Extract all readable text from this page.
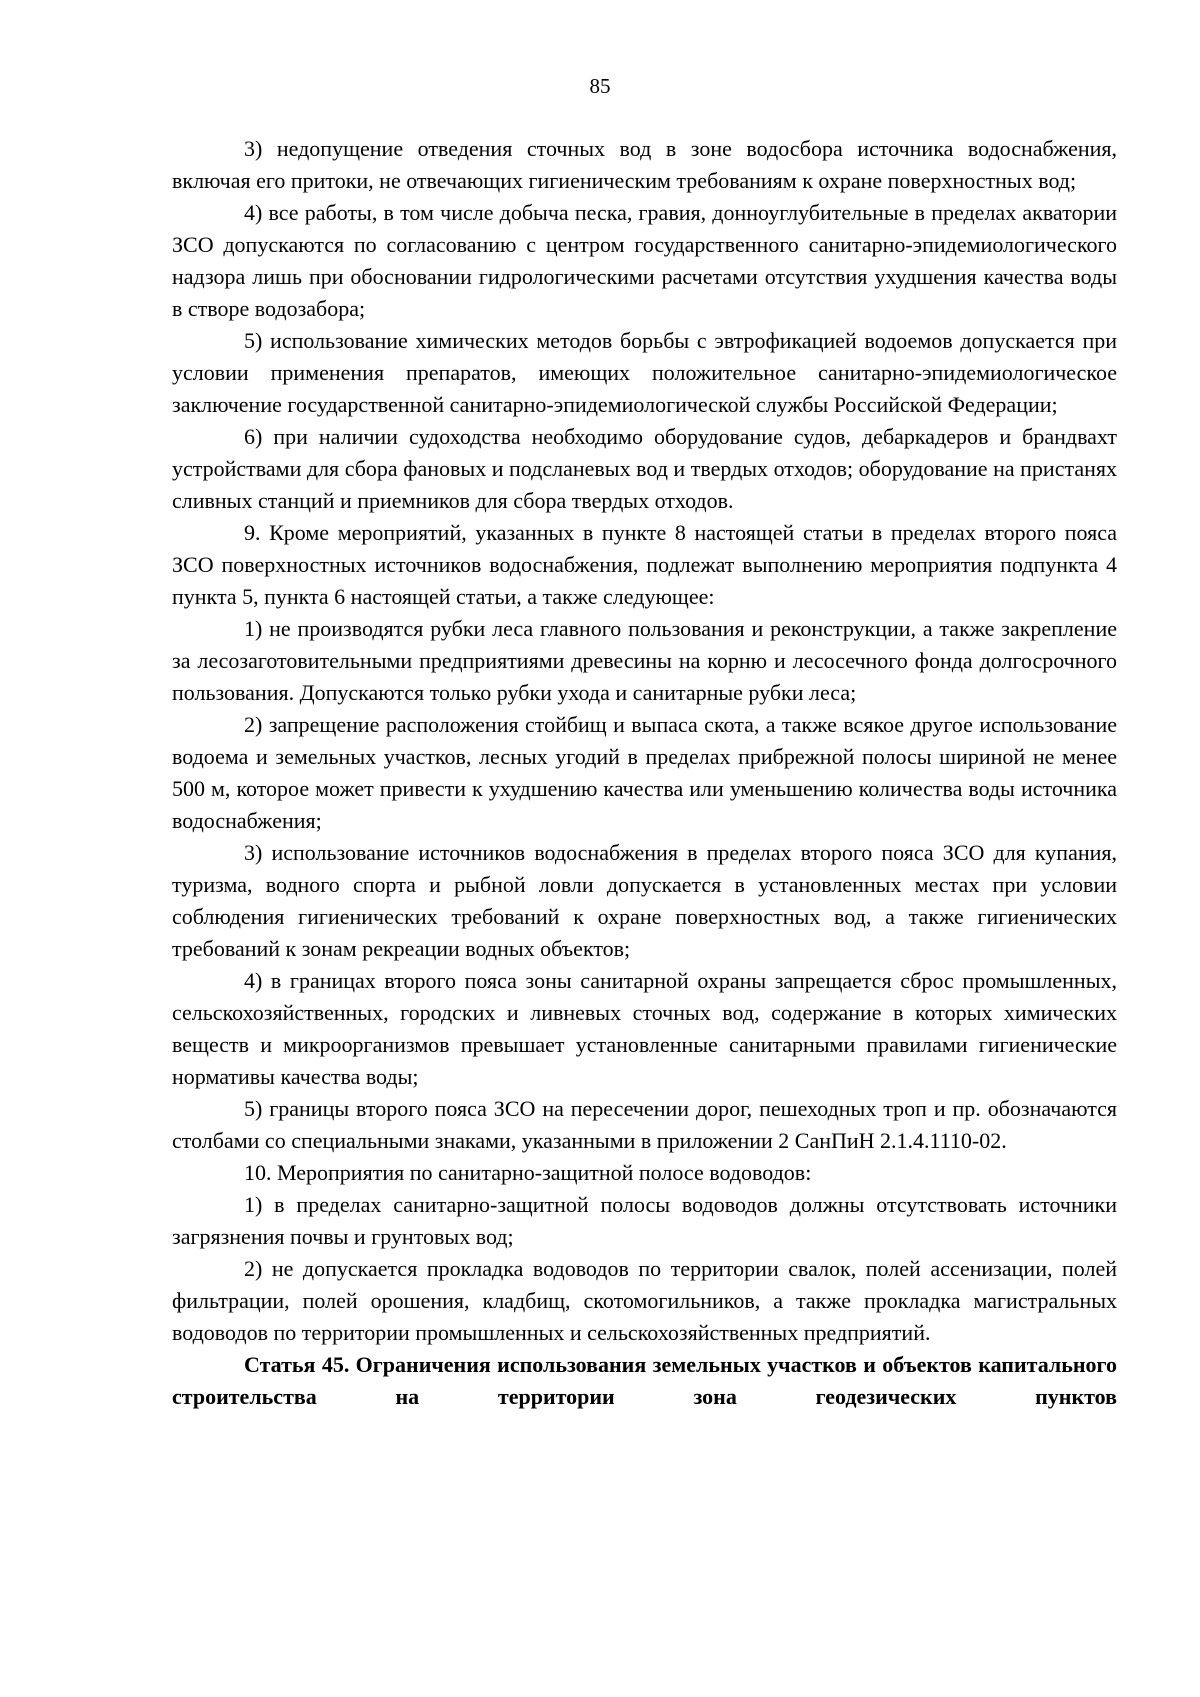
85

3) недопущение отведения сточных вод в зоне водосбора источника водоснабжения, включая его притоки, не отвечающих гигиеническим требованиям к охране поверхностных вод;

4) все работы, в том числе добыча песка, гравия, донноуглубительные в пределах акватории ЗСО допускаются по согласованию с центром государственного санитарно-эпидемиологического надзора лишь при обосновании гидрологическими расчетами отсутствия ухудшения качества воды в створе водозабора;

5) использование химических методов борьбы с эвтрофикацией водоемов допускается при условии применения препаратов, имеющих положительное санитарно-эпидемиологическое заключение государственной санитарно-эпидемиологической службы Российской Федерации;

6) при наличии судоходства необходимо оборудование судов, дебаркадеров и брандвахт устройствами для сбора фановых и подсланевых вод и твердых отходов; оборудование на пристанях сливных станций и приемников для сбора твердых отходов.

9. Кроме мероприятий, указанных в пункте 8 настоящей статьи в пределах второго пояса ЗСО поверхностных источников водоснабжения, подлежат выполнению мероприятия подпункта 4 пункта 5, пункта 6 настоящей статьи, а также следующее:

1) не производятся рубки леса главного пользования и реконструкции, а также закрепление за лесозаготовительными предприятиями древесины на корню и лесосечного фонда долгосрочного пользования. Допускаются только рубки ухода и санитарные рубки леса;

2) запрещение расположения стойбищ и выпаса скота, а также всякое другое использование водоема и земельных участков, лесных угодий в пределах прибрежной полосы шириной не менее 500 м, которое может привести к ухудшению качества или уменьшению количества воды источника водоснабжения;

3) использование источников водоснабжения в пределах второго пояса ЗСО для купания, туризма, водного спорта и рыбной ловли допускается в установленных местах при условии соблюдения гигиенических требований к охране поверхностных вод, а также гигиенических требований к зонам рекреации водных объектов;

4) в границах второго пояса зоны санитарной охраны запрещается сброс промышленных, сельскохозяйственных, городских и ливневых сточных вод, содержание в которых химических веществ и микроорганизмов превышает установленные санитарными правилами гигиенические нормативы качества воды;

5) границы второго пояса ЗСО на пересечении дорог, пешеходных троп и пр. обозначаются столбами со специальными знаками, указанными в приложении 2 СанПиН 2.1.4.1110-02.

10. Мероприятия по санитарно-защитной полосе водоводов:

1) в пределах санитарно-защитной полосы водоводов должны отсутствовать источники загрязнения почвы и грунтовых вод;

2) не допускается прокладка водоводов по территории свалок, полей ассенизации, полей фильтрации, полей орошения, кладбищ, скотомогильников, а также прокладка магистральных водоводов по территории промышленных и сельскохозяйственных предприятий.

Статья 45. Ограничения использования земельных участков и объектов капитального строительства на территории зона геодезических пунктов
